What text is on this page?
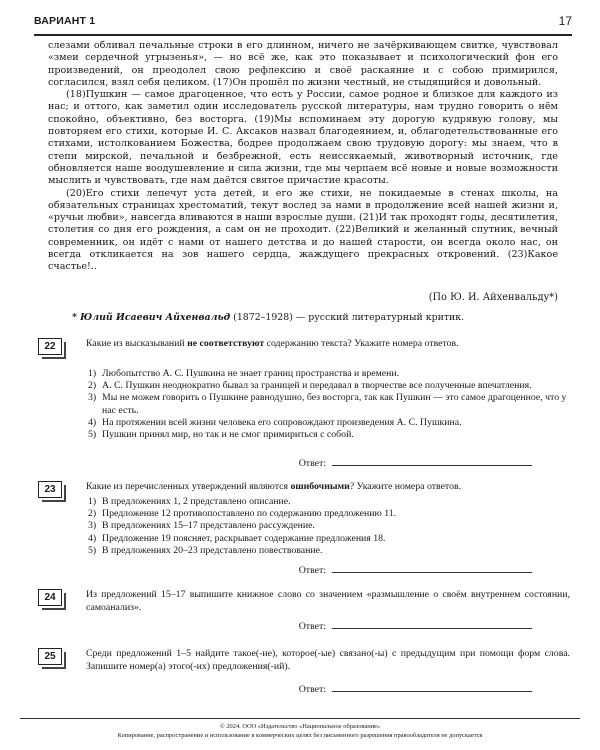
ВАРИАНТ 1	17

слезами обливал печальные строки в его длинном, ничего не зачёркивающем свитке, чувствовал «змеи сердечной угрызенья», — но всё же, как это показывает и психологический фон его произведений, он преодолел свою рефлексию и своё раскаяние и с собою примирился, согласился, взял себя целиком. (17)Он прошёл по жизни честный, не стыдящийся и довольный.

(18)Пушкин — самое драгоценное, что есть у России, самое родное и близкое для каждого из нас; и оттого, как заметил один исследователь русской литературы, нам трудно говорить о нём спокойно, объективно, без восторга. (19)Мы вспоминаем эту дорогую кудрявую голову, мы повторяем его стихи, которые И. С. Аксаков назвал благодеянием, и, облагодетельствованные его стихами, истолкованием Божества, бодрее продолжаем свою трудовую дорогу: мы знаем, что в степи мирской, печальной и безбрежной, есть неиссякаемый, животворный источник, где обновляется наше воодушевление и сила жизни, где мы черпаем всё новые и новые возможности мыслить и чувствовать, где нам даётся святое причастие красоты.

(20)Его стихи лепечут уста детей, и его же стихи, не покидаемые в стенах школы, на обязательных страницах хрестоматий, текут вослед за нами в продолжение всей нашей жизни и, «ручьи любви», навсегда вливаются в наши взрослые души. (21)И так проходят годы, десятилетия, столетия со дня его рождения, а сам он не проходит. (22)Великий и желанный спутник, вечный современник, он идёт с нами от нашего детства и до нашей старости, он всегда около нас, он всегда откликается на зов нашего сердца, жаждущего прекрасных откровений. (23)Какое счастье!..

(По Ю. И. Айхенвальду*)
* Юлий Исаевич Айхенвальд (1872–1928) — русский литературный критик.
22	Какие из высказываний не соответствуют содержанию текста? Укажите номера ответов.
1) Любопытство А. С. Пушкина не знает границ пространства и времени.
2) А. С. Пушкин неоднократно бывал за границей и передавал в творчестве все полученные впечатления.
3) Мы не можем говорить о Пушкине равнодушно, без восторга, так как Пушкин — это самое драгоценное, что у нас есть.
4) На протяжении всей жизни человека его сопровождают произведения А. С. Пушкина.
5) Пушкин принял мир, но так и не смог примириться с собой.
Ответ:
23	Какие из перечисленных утверждений являются ошибочными? Укажите номера ответов.
1) В предложениях 1, 2 представлено описание.
2) Предложение 12 противопоставлено по содержанию предложению 11.
3) В предложениях 15–17 представлено рассуждение.
4) Предложение 19 поясняет, раскрывает содержание предложения 18.
5) В предложениях 20–23 представлено повествование.
Ответ:
24	Из предложений 15–17 выпишите книжное слово со значением «размышление о своём внутреннем состоянии, самоанализ».
Ответ:
25	Среди предложений 1–5 найдите такое(-ие), которое(-ые) связано(-ы) с предыдущим при помощи форм слова. Запишите номер(а) этого(-их) предложения(-ий).
Ответ:
© 2024. ООО «Издательство «Национальное образование»
Копирование, распространение и использование в коммерческих целях без письменного разрешения правообладателя не допускается
